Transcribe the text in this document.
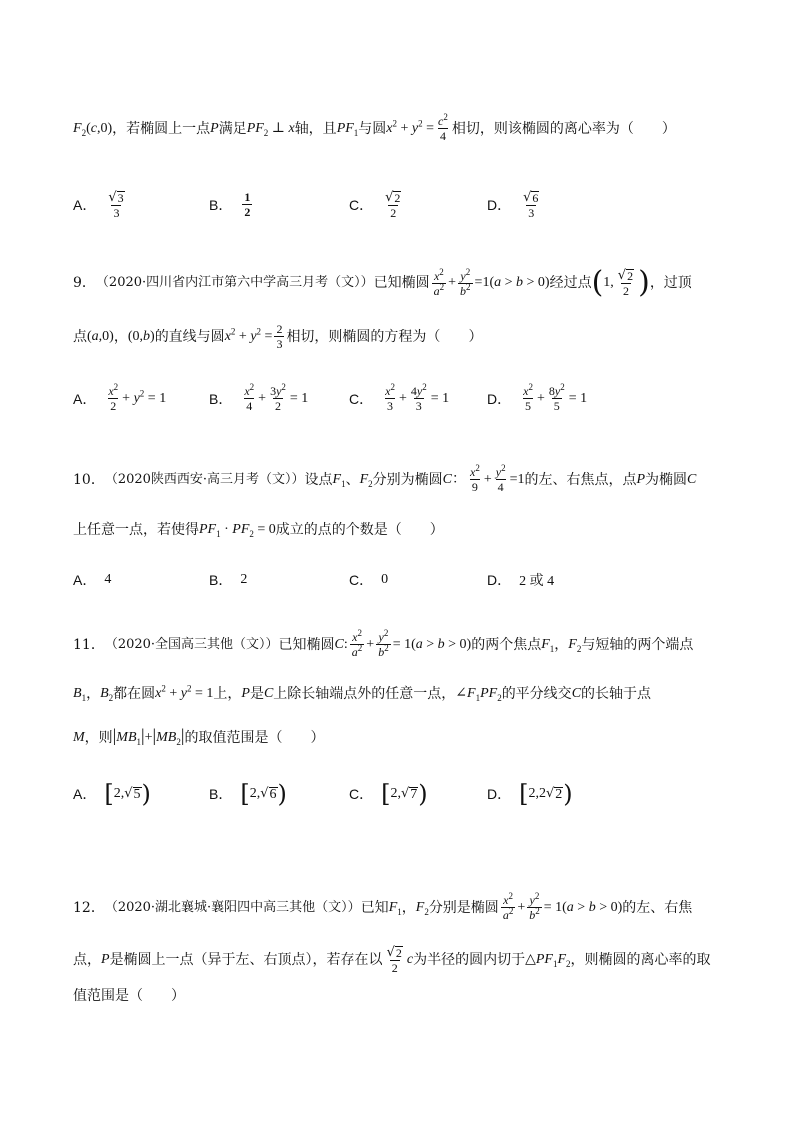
$F_2(c,0)$ ，若椭圆上一点 P 满足 $PF_2$ ⊥ x 轴，且 $PF_1$ 与圆 $x^2 + y^2 = \frac{c^2}{4}$ 相切，则该椭圆的离心率为（ ）
A． $\frac{√ 3}{3}$	B． $\frac{1}{2}$	C． $\frac{√ 2}{2}$	D． $\frac{√ 6}{3}$
9． （2020·四川省内江市第六中学高三月考（文）） 已知椭圆 $\frac{x^2}{a^2} + \frac{y^2}{b^2} =1(a > b > 0)$ 经过点 ( 1, $\frac{√ 2}{2}$ ) ，过顶
点 (a,0) ， (0,b) 的直线与圆 $x^2 + y^2 = \frac{2}{3}$ 相切，则椭圆的方程为（ ）
A． $\frac{x^2}{2} + y^2 = 1$	B． $\frac{x^2}{4} + \frac{3y^2}{2} = 1$	C． $\frac{x^2}{3} + \frac{4y^2}{3} = 1$	D． $\frac{x^2}{5} + \frac{8y^2}{5} = 1$
10． （2020陕西西安·高三月考（文）） 设点 $F_1$ 、 $F_2$ 分别为椭圆 C： $\frac{x^2}{9} + \frac{y^2}{4} =1$ 的左、右焦点，点 P 为椭圆 C
上任意一点，若使得 $PF_1 \cdot PF_2 = 0$ 成立的点的个数是（ ）
A． 4	B． 2	C． 0	D． 2 或 4
11． （2020·全国高三其他（文）） 已知椭圆 C: $\frac{x^2}{a^2} + \frac{y^2}{b^2} = 1(a > b > 0)$ 的两个焦点 $F_1$ ， $F_2$ 与短轴的两个端点
$B_1$ ， $B_2$ 都在圆 $x^2 + y^2 = 1$ 上， P 是 C 上除长轴端点外的任意一点， $\angle F_1PF_2$ 的平分线交 C 的长轴于点
M ，则 $|MB_1|+|MB_2|$ 的取值范围是（ ）
A． [ 2, √ 5 )	B． [ 2, √ 6 )	C． [ 2, √ 7 )	D． [ 2,2 √ 2 )
12． （2020·湖北襄城·襄阳四中高三其他（文）） 已知 $F_1$ ， $F_2$ 分别是椭圆 $\frac{x^2}{a^2} + \frac{y^2}{b^2} = 1(a > b > 0)$ 的左、右焦
点， P 是椭圆上一点（异于左、右顶点），若存在以 $\frac{√ 2}{2}$ c 为半径的圆内切于 $\triangle PF_1F_2$ ，则椭圆的离心率的取
值范围是（ ）
